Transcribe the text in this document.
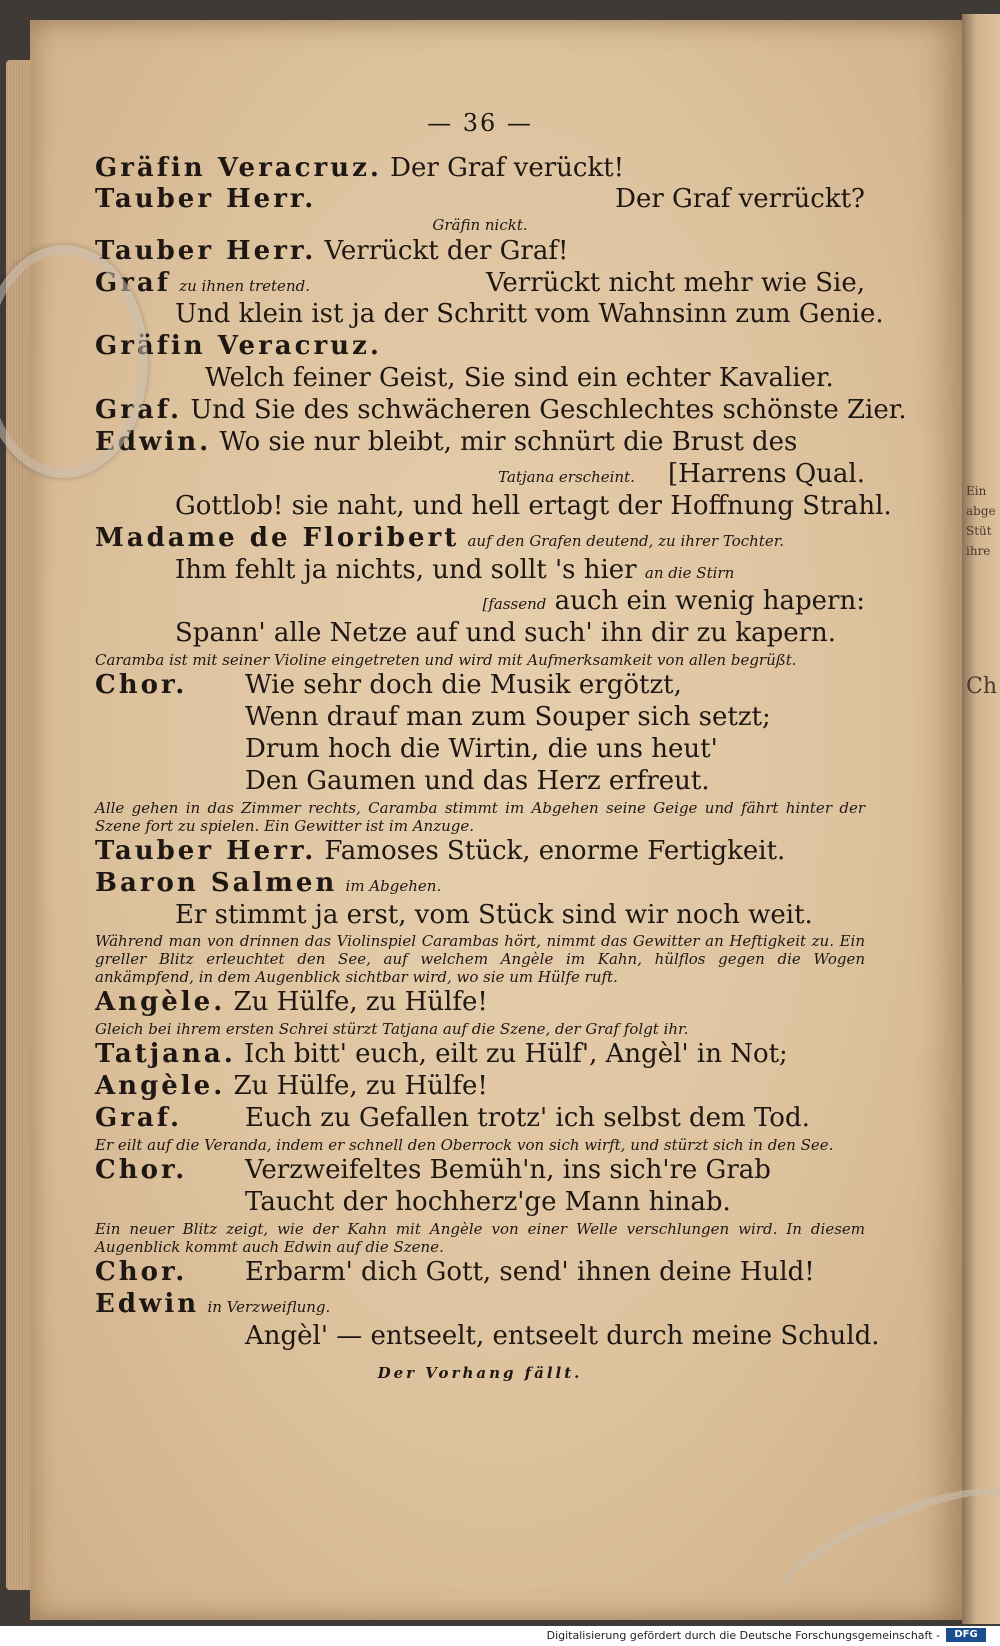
Ein
abge
Stüt
ihre
Ch
— 36 —
Gräfin Veracruz. Der Graf verückt!
Tauber Herr.	Der Graf verrückt?
Gräfin nickt.
Tauber Herr. Verrückt der Graf!
Graf zu ihnen tretend.	Verrückt nicht mehr wie Sie,
Und klein ist ja der Schritt vom Wahnsinn zum Genie.
Gräfin Veracruz.
Welch feiner Geist, Sie sind ein echter Kavalier.
Graf. Und Sie des schwächeren Geschlechtes schönste Zier.
Edwin. Wo sie nur bleibt, mir schnürt die Brust des
Tatjana erscheint. [Harrens Qual.
Gottlob! sie naht, und hell ertagt der Hoffnung Strahl.
Madame de Floribert auf den Grafen deutend, zu ihrer Tochter.
Ihm fehlt ja nichts, und sollt 's hier an die Stirn
[fassend auch ein wenig hapern:
Spann' alle Netze auf und such' ihn dir zu kapern.
Caramba ist mit seiner Violine eingetreten und wird mit Aufmerksamkeit von allen begrüßt.
Chor. Wie sehr doch die Musik ergötzt,
Wenn drauf man zum Souper sich setzt;
Drum hoch die Wirtin, die uns heut'
Den Gaumen und das Herz erfreut.
Alle gehen in das Zimmer rechts, Caramba stimmt im Abgehen seine Geige und fährt hinter der Szene fort zu spielen. Ein Gewitter ist im Anzuge.
Tauber Herr. Famoses Stück, enorme Fertigkeit.
Baron Salmen im Abgehen.
Er stimmt ja erst, vom Stück sind wir noch weit.
Während man von drinnen das Violinspiel Carambas hört, nimmt das Gewitter an Heftigkeit zu. Ein greller Blitz erleuchtet den See, auf welchem Angèle im Kahn, hülflos gegen die Wogen ankämpfend, in dem Augenblick sichtbar wird, wo sie um Hülfe ruft.
Angèle. Zu Hülfe, zu Hülfe!
Gleich bei ihrem ersten Schrei stürzt Tatjana auf die Szene, der Graf folgt ihr.
Tatjana. Ich bitt' euch, eilt zu Hülf', Angèl' in Not;
Angèle. Zu Hülfe, zu Hülfe!
Graf. Euch zu Gefallen trotz' ich selbst dem Tod.
Er eilt auf die Veranda, indem er schnell den Oberrock von sich wirft, und stürzt sich in den See.
Chor. Verzweifeltes Bemüh'n, ins sich're Grab
Taucht der hochherz'ge Mann hinab.
Ein neuer Blitz zeigt, wie der Kahn mit Angèle von einer Welle verschlungen wird. In diesem Augenblick kommt auch Edwin auf die Szene.
Chor. Erbarm' dich Gott, send' ihnen deine Huld!
Edwin in Verzweiflung.
Angèl' — entseelt, entseelt durch meine Schuld.
Der Vorhang fällt.
Digitalisierung gefördert durch die Deutsche Forschungsgemeinschaft -	DFG
